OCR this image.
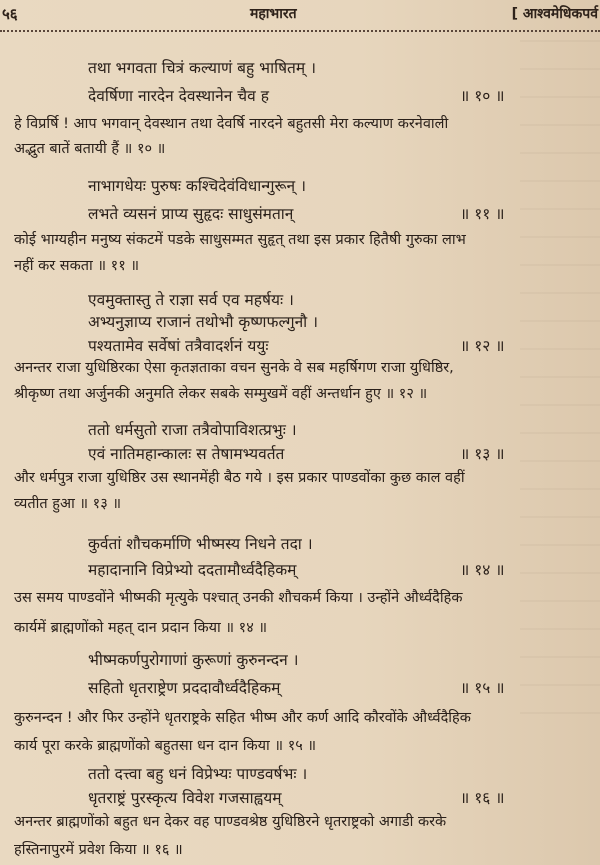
५६	महाभारत	[ आश्वमेधिकपर्व
तथा भगवता चित्रं कल्याणं बहु भाषितम् ।
देवर्षिणा नारदेन देवस्थानेन चैव ह	॥ १० ॥
हे विप्रर्षि ! आप भगवान् देवस्थान तथा देवर्षि नारदने बहुतसी मेरा कल्याण करनेवाली
अद्भुत बातें बतायी हैं ॥ १० ॥
नाभागधेयः पुरुषः कश्चिदेवंविधान्गुरून् ।
लभते व्यसनं प्राप्य सुहृदः साधुसंमतान्	॥ ११ ॥
कोई भाग्यहीन मनुष्य संकटमें पडके साधुसम्मत सुहृत् तथा इस प्रकार हितैषी गुरुका लाभ
नहीं कर सकता ॥ ११ ॥
एवमुक्तास्तु ते राज्ञा सर्व एव महर्षयः ।
अभ्यनुज्ञाप्य राजानं तथोभौ कृष्णफल्गुनौ ।
पश्यतामेव सर्वेषां तत्रैवादर्शनं ययुः	॥ १२ ॥
अनन्तर राजा युधिष्ठिरका ऐसा कृतज्ञताका वचन सुनके वे सब महर्षिगण राजा युधिष्ठिर,
श्रीकृष्ण तथा अर्जुनकी अनुमति लेकर सबके सम्मुखमें वहीं अन्तर्धान हुए ॥ १२ ॥
ततो धर्मसुतो राजा तत्रैवोपाविशत्प्रभुः ।
एवं नातिमहान्कालः स तेषामभ्यवर्तत	॥ १३ ॥
और धर्मपुत्र राजा युधिष्ठिर उस स्थानमेंही बैठ गये । इस प्रकार पाण्डवोंका कुछ काल वहीं
व्यतीत हुआ ॥ १३ ॥
कुर्वतां शौचकर्माणि भीष्मस्य निधने तदा ।
महादानानि विप्रेभ्यो ददतामौर्ध्वदैहिकम्	॥ १४ ॥
उस समय पाण्डवोंने भीष्मकी मृत्युके पश्चात् उनकी शौचकर्म किया । उन्होंने और्ध्वदैहिक
कार्यमें ब्राह्मणोंको महत् दान प्रदान किया ॥ १४ ॥
भीष्मकर्णपुरोगाणां कुरूणां कुरुनन्दन ।
सहितो धृतराष्ट्रेण प्रददावौर्ध्वदैहिकम्	॥ १५ ॥
कुरुनन्दन ! और फिर उन्होंने धृतराष्ट्रके सहित भीष्म और कर्ण आदि कौरवोंके और्ध्वदैहिक
कार्य पूरा करके ब्राह्मणोंको बहुतसा धन दान किया ॥ १५ ॥
ततो दत्त्वा बहु धनं विप्रेभ्यः पाण्डवर्षभः ।
धृतराष्ट्रं पुरस्कृत्य विवेश गजसाह्वयम्	॥ १६ ॥
अनन्तर ब्राह्मणोंको बहुत धन देकर वह पाण्डवश्रेष्ठ युधिष्ठिरने धृतराष्ट्रको अगाडी करके
हस्तिनापुरमें प्रवेश किया ॥ १६ ॥
